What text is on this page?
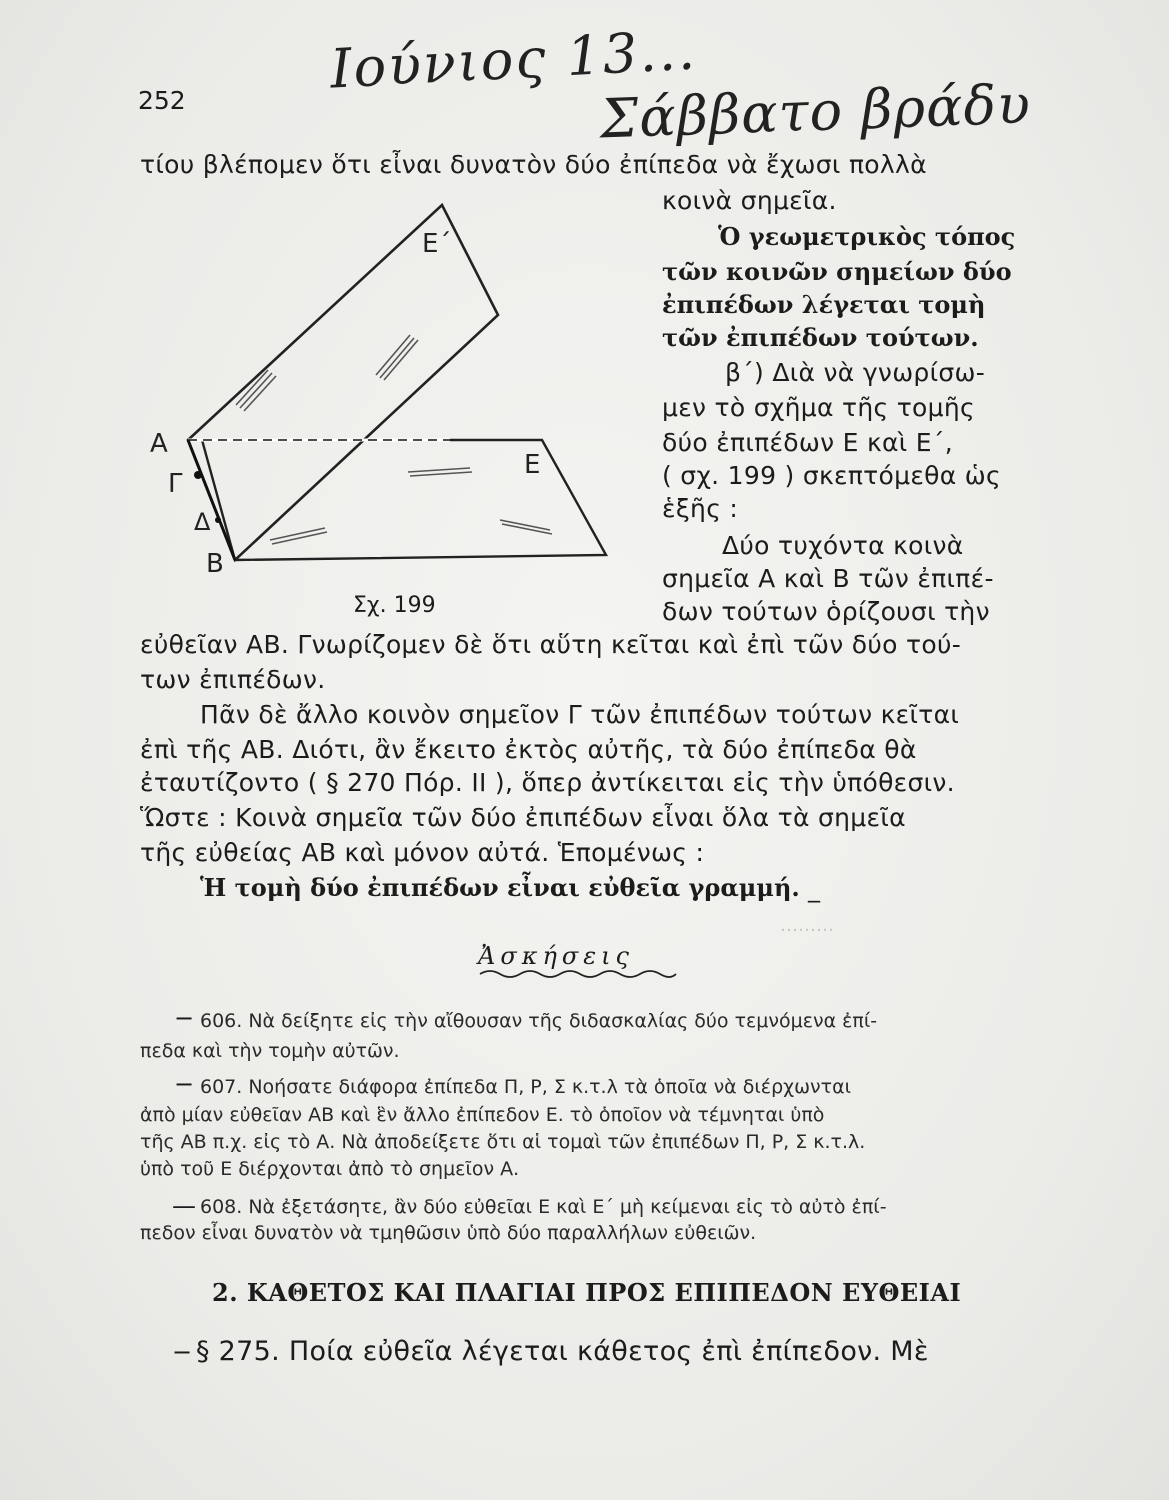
252	Ιούνιος 13...
Σάββατο βράδυ
τίου βλέπομεν ὅτι εἶναι δυνατὸν δύο ἐπίπεδα νὰ ἔχωσι πολλὰ
Ε΄
Ε
Α
Γ
Δ
Β
Σχ. 199
κοινὰ σημεῖα.
Ὁ γεωμετρικὸς τόπος
τῶν κοινῶν σημείων δύο
ἐπιπέδων λέγεται τομὴ
τῶν ἐπιπέδων τούτων.
β΄) Διὰ νὰ γνωρίσω-
μεν τὸ σχῆμα τῆς τομῆς
δύο ἐπιπέδων Ε καὶ Ε΄,
( σχ. 199 ) σκεπτόμεθα ὡς
ἑξῆς :
Δύο τυχόντα κοινὰ
σημεῖα Α καὶ Β τῶν ἐπιπέ-
δων τούτων ὁρίζουσι τὴν
εὐθεῖαν ΑΒ. Γνωρίζομεν δὲ ὅτι αὕτη κεῖται καὶ ἐπὶ τῶν δύο τού-
των ἐπιπέδων.
Πᾶν δὲ ἄλλο κοινὸν σημεῖον Γ τῶν ἐπιπέδων τούτων κεῖται
ἐπὶ τῆς ΑΒ. Διότι, ἂν ἔκειτο ἐκτὸς αὐτῆς, τὰ δύο ἐπίπεδα θὰ
ἐταυτίζοντο ( § 270 Πόρ. ΙΙ ), ὅπερ ἀντίκειται εἰς τὴν ὑπόθεσιν.
Ὥστε : Κοινὰ σημεῖα τῶν δύο ἐπιπέδων εἶναι ὅλα τὰ σημεῖα
τῆς εὐθείας ΑΒ καὶ μόνον αὐτά. Ἑπομένως :
Ἡ τομὴ δύο ἐπιπέδων εἶναι εὐθεῖα γραμμή. _
………
Ἀσκήσεις
− 606. Νὰ δείξητε εἰς τὴν αἴθουσαν τῆς διδασκαλίας δύο τεμνόμενα ἐπί-
πεδα καὶ τὴν τομὴν αὐτῶν.
− 607. Νοήσατε διάφορα ἐπίπεδα Π, Ρ, Σ κ.τ.λ τὰ ὁποῖα νὰ διέρχωνται
ἀπὸ μίαν εὐθεῖαν ΑΒ καὶ ἓν ἄλλο ἐπίπεδον Ε. τὸ ὁποῖον νὰ τέμνηται ὑπὸ
τῆς ΑΒ π.χ. εἰς τὸ Α. Νὰ ἀποδείξετε ὅτι αἱ τομαὶ τῶν ἐπιπέδων Π, Ρ, Σ κ.τ.λ.
ὑπὸ τοῦ Ε διέρχονται ἀπὸ τὸ σημεῖον Α.
— 608. Νὰ ἐξετάσητε, ἂν δύο εὐθεῖαι Ε καὶ Ε΄ μὴ κείμεναι εἰς τὸ αὐτὸ ἐπί-
πεδον εἶναι δυνατὸν νὰ τμηθῶσιν ὑπὸ δύο παραλλήλων εὐθειῶν.
2. ΚΑΘΕΤΟΣ ΚΑΙ ΠΛΑΓΙΑΙ ΠΡΟΣ ΕΠΙΠΕΔΟΝ ΕΥΘΕΙΑΙ
− § 275. Ποία εὐθεῖα λέγεται κάθετος ἐπὶ ἐπίπεδον. Μὲ
